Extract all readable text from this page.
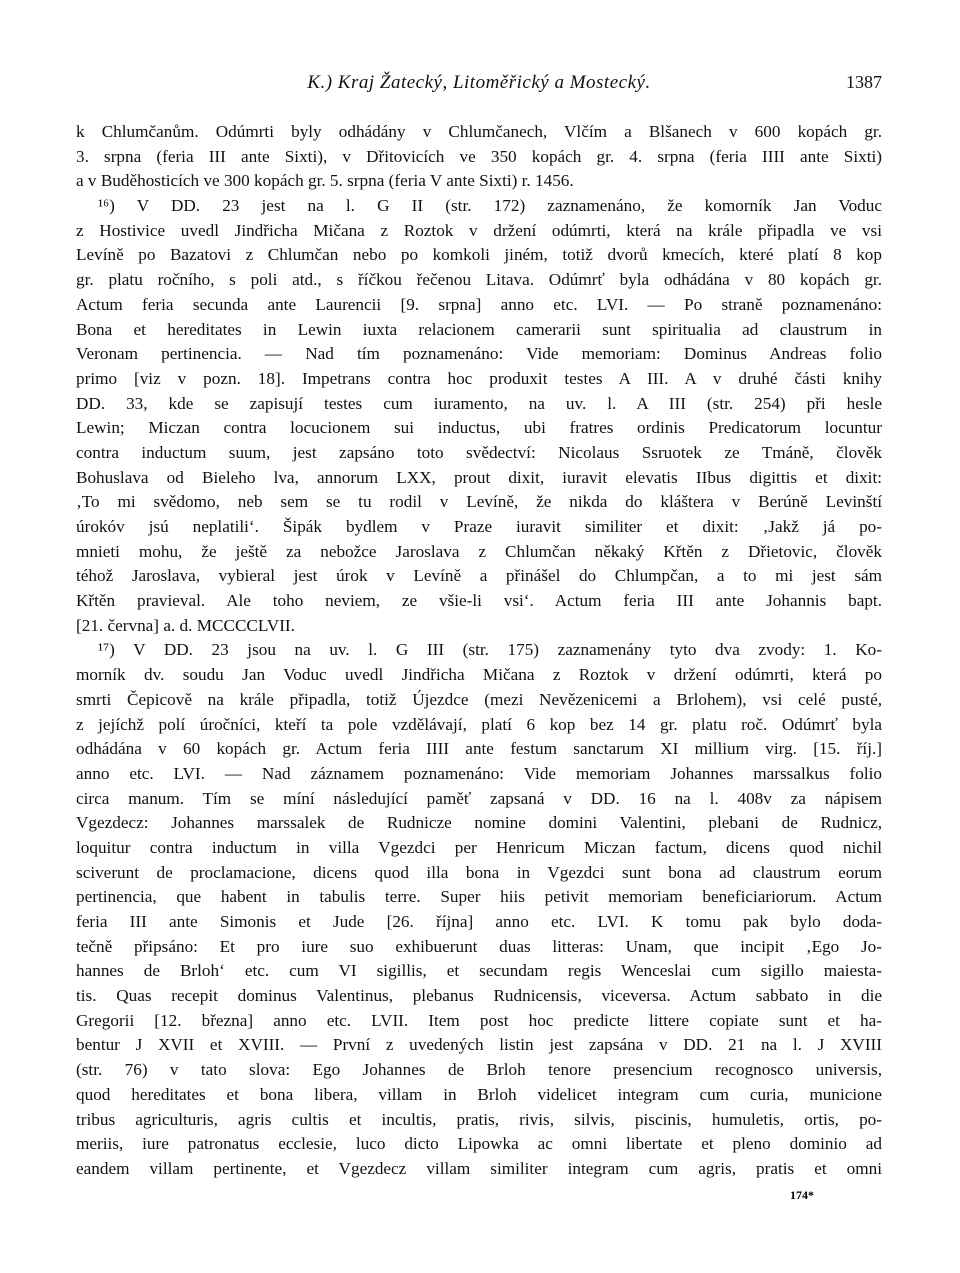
K.) Kraj Žatecký, Litoměřický a Mostecký.	1387
k Chlumčanům. Odúmrti byly odhádány v Chlumčanech, Vlčím a Blšanech v 600 kopách gr.
3. srpna (feria III ante Sixti), v Dřitovicích ve 350 kopách gr. 4. srpna (feria IIII ante Sixti)
a v Buděhosticích ve 300 kopách gr. 5. srpna (feria V ante Sixti) r. 1456.
¹⁶) V DD. 23 jest na l. G II (str. 172) zaznamenáno, že komorník Jan Voduc
z Hostivice uvedl Jindřicha Mičana z Roztok v držení odúmrti, která na krále připadla ve vsi
Levíně po Bazatovi z Chlumčan nebo po komkoli jiném, totiž dvorů kmecích, které platí 8 kop
gr. platu ročního, s poli atd., s říčkou řečenou Litava. Odúmrť byla odhádána v 80 kopách gr.
Actum feria secunda ante Laurencii [9. srpna] anno etc. LVI. — Po straně poznamenáno:
Bona et hereditates in Lewin iuxta relacionem camerarii sunt spiritualia ad claustrum in
Veronam pertinencia. — Nad tím poznamenáno: Vide memoriam: Dominus Andreas folio
primo [viz v pozn. 18]. Impetrans contra hoc produxit testes A III. A v druhé části knihy
DD. 33, kde se zapisují testes cum iuramento, na uv. l. A III (str. 254) při hesle
Lewin; Miczan contra locucionem sui inductus, ubi fratres ordinis Predicatorum locuntur
contra inductum suum, jest zapsáno toto svědectví: Nicolaus Ssruotek ze Tmáně, člověk
Bohuslava od Bieleho lva, annorum LXX, prout dixit, iuravit elevatis IIbus digittis et dixit:
‚To mi svědomo, neb sem se tu rodil v Levíně, že nikda do kláštera v Berúně Levinští
úrokóv jsú neplatili‘. Šipák bydlem v Praze iuravit similiter et dixit: ‚Jakž já po-
mnieti mohu, že ještě za nebožce Jaroslava z Chlumčan někaký Křtěn z Dřietovic, člověk
téhož Jaroslava, vybieral jest úrok v Levíně a přinášel do Chlumpčan, a to mi jest sám
Křtěn pravieval. Ale toho neviem, ze všie-li vsi‘. Actum feria III ante Johannis bapt.
[21. června] a. d. MCCCCLVII.
¹⁷) V DD. 23 jsou na uv. l. G III (str. 175) zaznamenány tyto dva zvody: 1. Ko-
morník dv. soudu Jan Voduc uvedl Jindřicha Mičana z Roztok v držení odúmrti, která po
smrti Čepicově na krále připadla, totiž Újezdce (mezi Nevězenicemi a Brlohem), vsi celé pusté,
z jejíchž polí úročníci, kteří ta pole vzdělávají, platí 6 kop bez 14 gr. platu roč. Odúmrť byla
odhádána v 60 kopách gr. Actum feria IIII ante festum sanctarum XI millium virg. [15. říj.]
anno etc. LVI. — Nad záznamem poznamenáno: Vide memoriam Johannes marssalkus folio
circa manum. Tím se míní následující paměť zapsaná v DD. 16 na l. 408v za nápisem
Vgezdecz: Johannes marssalek de Rudnicze nomine domini Valentini, plebani de Rudnicz,
loquitur contra inductum in villa Vgezdci per Henricum Miczan factum, dicens quod nichil
sciverunt de proclamacione, dicens quod illa bona in Vgezdci sunt bona ad claustrum eorum
pertinencia, que habent in tabulis terre. Super hiis petivit memoriam beneficiariorum. Actum
feria III ante Simonis et Jude [26. října] anno etc. LVI. K tomu pak bylo doda-
tečně připsáno: Et pro iure suo exhibuerunt duas litteras: Unam, que incipit ‚Ego Jo-
hannes de Brloh‘ etc. cum VI sigillis, et secundam regis Wenceslai cum sigillo maiesta-
tis. Quas recepit dominus Valentinus, plebanus Rudnicensis, viceversa. Actum sabbato in die
Gregorii [12. března] anno etc. LVII. Item post hoc predicte littere copiate sunt et ha-
bentur J XVII et XVIII. — První z uvedených listin jest zapsána v DD. 21 na l. J XVIII
(str. 76) v tato slova: Ego Johannes de Brloh tenore presencium recognosco universis,
quod hereditates et bona libera, villam in Brloh videlicet integram cum curia, municione
tribus agriculturis, agris cultis et incultis, pratis, rivis, silvis, piscinis, humuletis, ortis, po-
meriis, iure patronatus ecclesie, luco dicto Lipowka ac omni libertate et pleno dominio ad
eandem villam pertinente, et Vgezdecz villam similiter integram cum agris, pratis et omni
174*
